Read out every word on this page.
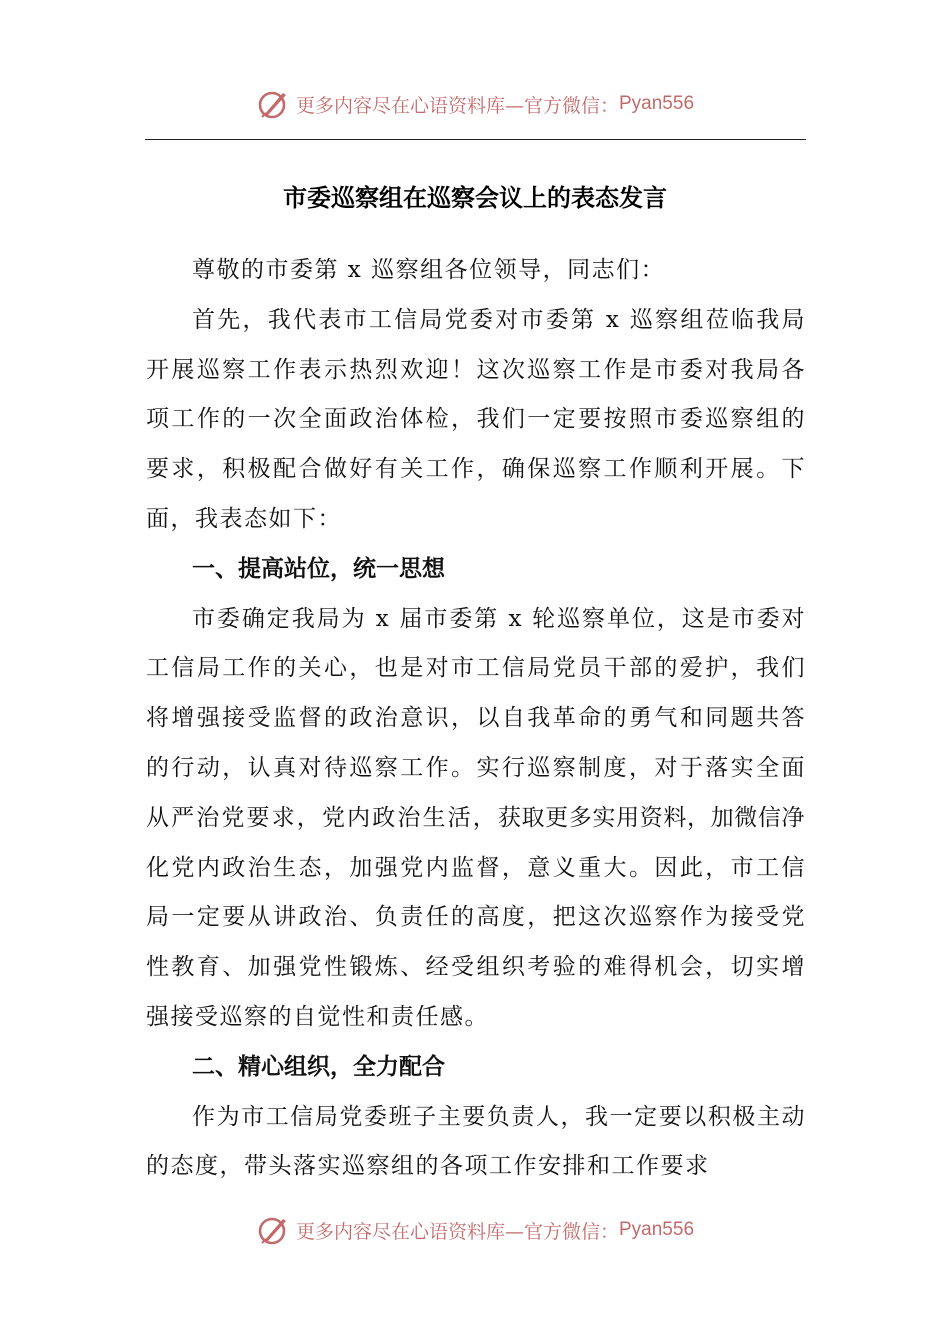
更多内容尽在心语资料库—官方微信： Pyan556
市委巡察组在巡察会议上的表态发言

尊敬的市委第 x 巡察组各位领导，同志们：

首先，我代表市工信局党委对市委第 x 巡察组莅临我局开展巡察工作表示热烈欢迎！这次巡察工作是市委对我局各项工作的一次全面政治体检，我们一定要按照市委巡察组的要求，积极配合做好有关工作，确保巡察工作顺利开展。下面，我表态如下：

一、提高站位，统一思想

市委确定我局为 x 届市委第 x 轮巡察单位，这是市委对工信局工作的关心，也是对市工信局党员干部的爱护，我们将增强接受监督的政治意识，以自我革命的勇气和同题共答的行动，认真对待巡察工作。实行巡察制度，对于落实全面从严治党要求，党内政治生活，获取更多实用资料，加微信净化党内政治生态，加强党内监督，意义重大。因此，市工信局一定要从讲政治、负责任的高度，把这次巡察作为接受党性教育、加强党性锻炼、经受组织考验的难得机会，切实增强接受巡察的自觉性和责任感。

二、精心组织，全力配合

作为市工信局党委班子主要负责人，我一定要以积极主动的态度，带头落实巡察组的各项工作安排和工作要求

更多内容尽在心语资料库—官方微信： Pyan556
